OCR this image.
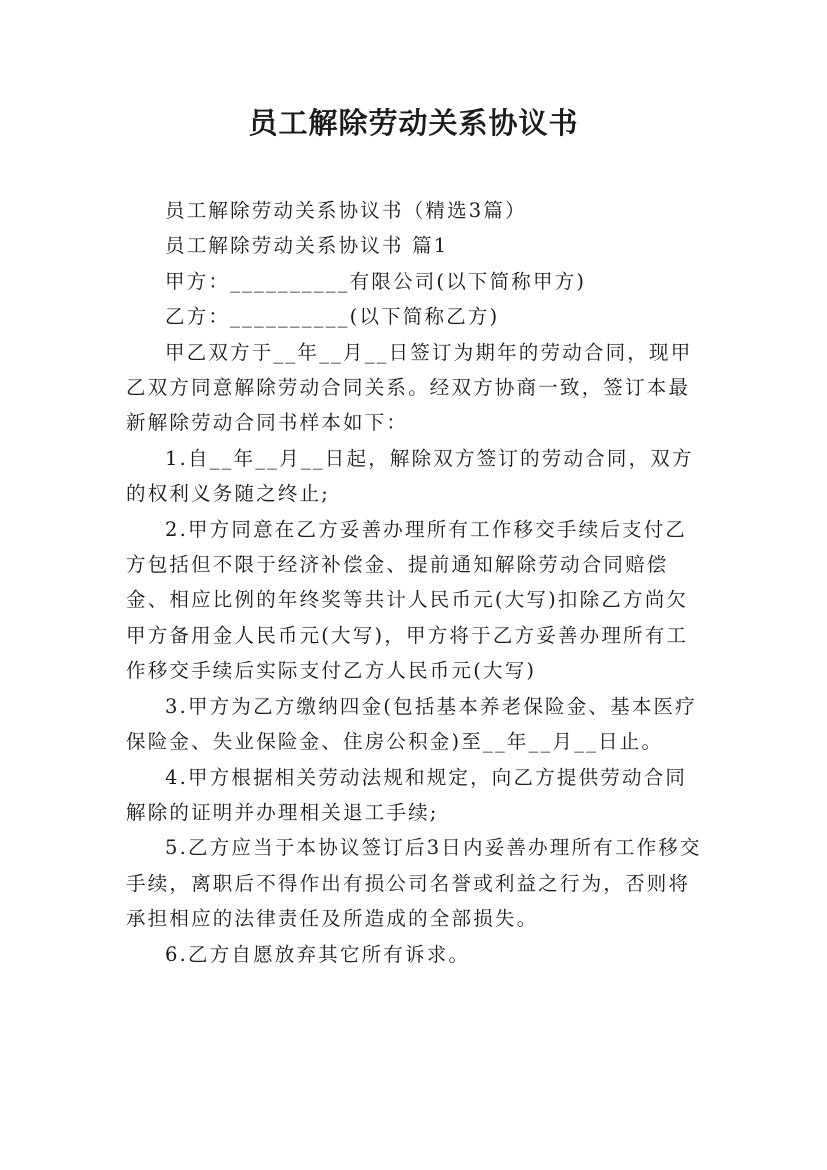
员工解除劳动关系协议书

员工解除劳动关系协议书（精选3篇）

员工解除劳动关系协议书 篇1

甲方：__________有限公司(以下简称甲方)

乙方：__________(以下简称乙方)

甲乙双方于__年__月__日签订为期年的劳动合同，现甲乙双方同意解除劳动合同关系。经双方协商一致，签订本最新解除劳动合同书样本如下：

1.自__年__月__日起，解除双方签订的劳动合同，双方的权利义务随之终止;

2.甲方同意在乙方妥善办理所有工作移交手续后支付乙方包括但不限于经济补偿金、提前通知解除劳动合同赔偿金、相应比例的年终奖等共计人民币元(大写)扣除乙方尚欠甲方备用金人民币元(大写)，甲方将于乙方妥善办理所有工作移交手续后实际支付乙方人民币元(大写)

3.甲方为乙方缴纳四金(包括基本养老保险金、基本医疗保险金、失业保险金、住房公积金)至__年__月__日止。

4.甲方根据相关劳动法规和规定，向乙方提供劳动合同解除的证明并办理相关退工手续;

5.乙方应当于本协议签订后3日内妥善办理所有工作移交手续，离职后不得作出有损公司名誉或利益之行为，否则将承担相应的法律责任及所造成的全部损失。

6.乙方自愿放弃其它所有诉求。
